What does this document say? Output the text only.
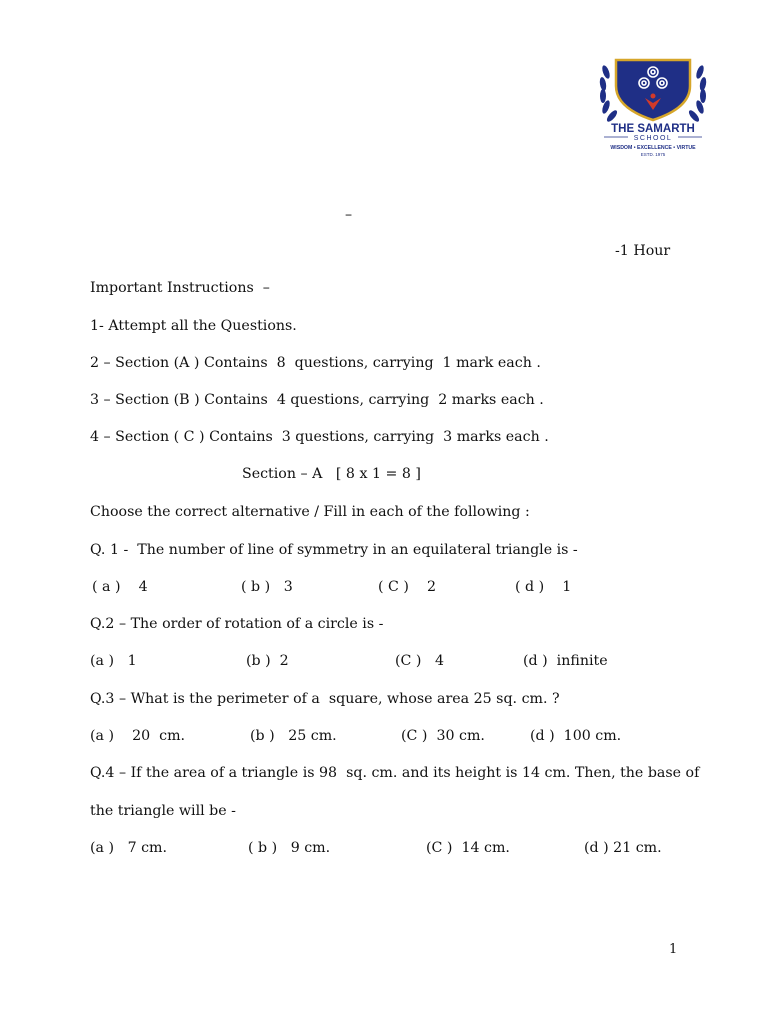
THE SAMARTH
SCHOOL
WISDOM • EXCELLENCE • VIRTUE
ESTD. 1975
–
-1 Hour
Important Instructions  –
1- Attempt all the Questions.
2 – Section (A ) Contains  8  questions, carrying  1 mark each .
3 – Section (B ) Contains  4 questions, carrying  2 marks each .
4 – Section ( C ) Contains  3 questions, carrying  3 marks each .
Section – A   [ 8 x 1 = 8 ]
Choose the correct alternative / Fill in each of the following :
Q. 1 -  The number of line of symmetry in an equilateral triangle is -
( a )    4	( b )   3	( C )    2	( d )    1
Q.2 – The order of rotation of a circle is -
(a )   1	(b )  2	(C )   4	(d )  infinite
Q.3 – What is the perimeter of a  square, whose area 25 sq. cm. ?
(a )    20  cm.	(b )   25 cm.	(C )  30 cm.	(d )  100 cm.
Q.4 – If the area of a triangle is 98  sq. cm. and its height is 14 cm. Then, the base of
the triangle will be -
(a )   7 cm.	( b )   9 cm.	(C )  14 cm.	(d ) 21 cm.
1
